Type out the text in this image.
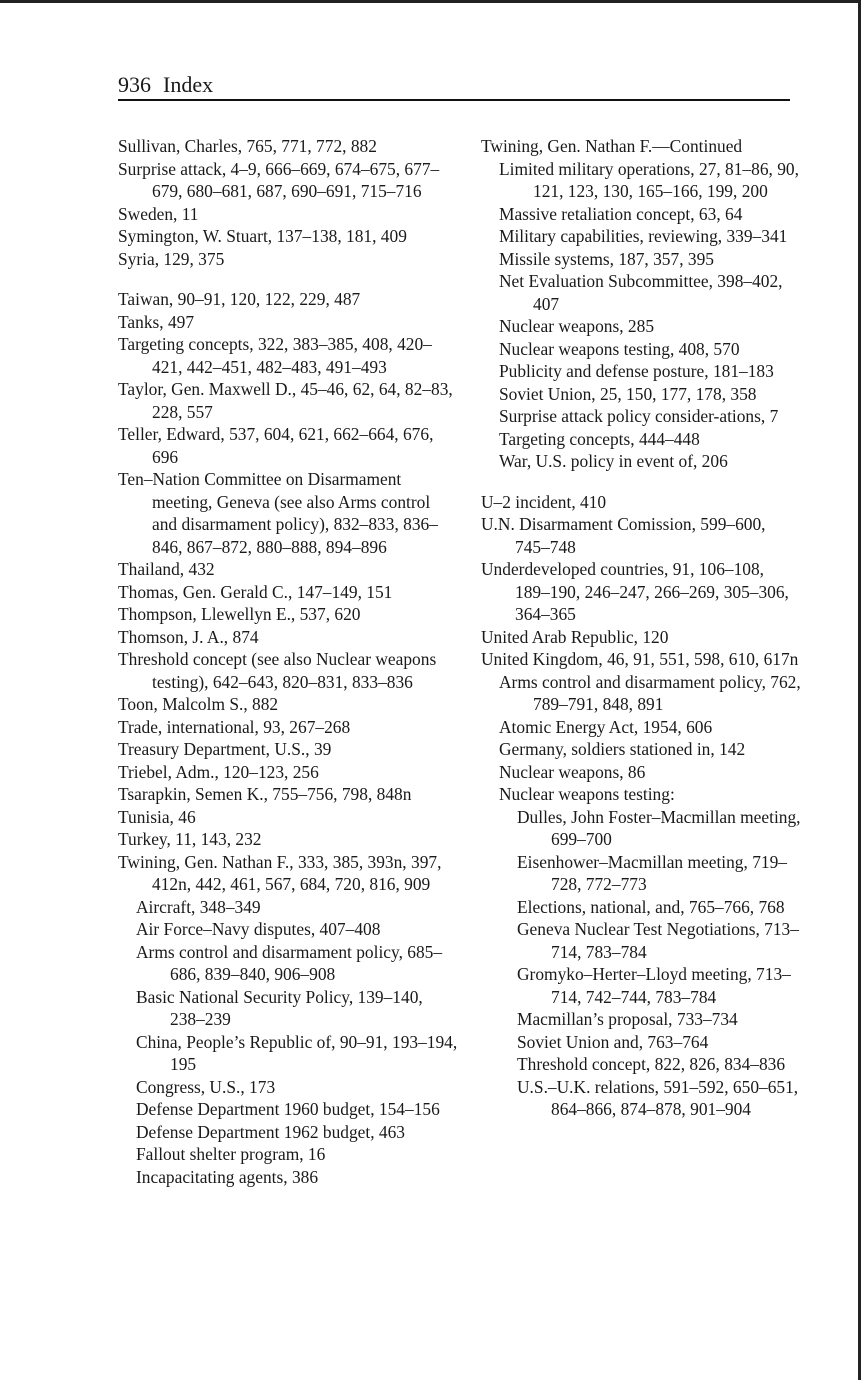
936 Index
Sullivan, Charles, 765, 771, 772, 882
Surprise attack, 4–9, 666–669, 674–675, 677–679, 680–681, 687, 690–691, 715–716
Sweden, 11
Symington, W. Stuart, 137–138, 181, 409
Syria, 129, 375
Taiwan, 90–91, 120, 122, 229, 487
Tanks, 497
Targeting concepts, 322, 383–385, 408, 420–421, 442–451, 482–483, 491–493
Taylor, Gen. Maxwell D., 45–46, 62, 64, 82–83, 228, 557
Teller, Edward, 537, 604, 621, 662–664, 676, 696
Ten–Nation Committee on Disarmament meeting, Geneva (see also Arms control and disarmament policy), 832–833, 836–846, 867–872, 880–888, 894–896
Thailand, 432
Thomas, Gen. Gerald C., 147–149, 151
Thompson, Llewellyn E., 537, 620
Thomson, J. A., 874
Threshold concept (see also Nuclear weapons testing), 642–643, 820–831, 833–836
Toon, Malcolm S., 882
Trade, international, 93, 267–268
Treasury Department, U.S., 39
Triebel, Adm., 120–123, 256
Tsarapkin, Semen K., 755–756, 798, 848n
Tunisia, 46
Turkey, 11, 143, 232
Twining, Gen. Nathan F., 333, 385, 393n, 397, 412n, 442, 461, 567, 684, 720, 816, 909
Aircraft, 348–349
Air Force–Navy disputes, 407–408
Arms control and disarmament policy, 685–686, 839–840, 906–908
Basic National Security Policy, 139–140, 238–239
China, People’s Republic of, 90–91, 193–194, 195
Congress, U.S., 173
Defense Department 1960 budget, 154–156
Defense Department 1962 budget, 463
Fallout shelter program, 16
Incapacitating agents, 386
Twining, Gen. Nathan F.—Continued
Limited military operations, 27, 81–86, 90, 121, 123, 130, 165–166, 199, 200
Massive retaliation concept, 63, 64
Military capabilities, reviewing, 339–341
Missile systems, 187, 357, 395
Net Evaluation Subcommittee, 398–402, 407
Nuclear weapons, 285
Nuclear weapons testing, 408, 570
Publicity and defense posture, 181–183
Soviet Union, 25, 150, 177, 178, 358
Surprise attack policy consider-ations, 7
Targeting concepts, 444–448
War, U.S. policy in event of, 206
U–2 incident, 410
U.N. Disarmament Comission, 599–600, 745–748
Underdeveloped countries, 91, 106–108, 189–190, 246–247, 266–269, 305–306, 364–365
United Arab Republic, 120
United Kingdom, 46, 91, 551, 598, 610, 617n
Arms control and disarmament policy, 762, 789–791, 848, 891
Atomic Energy Act, 1954, 606
Germany, soldiers stationed in, 142
Nuclear weapons, 86
Nuclear weapons testing:
Dulles, John Foster–Macmillan meeting, 699–700
Eisenhower–Macmillan meeting, 719–728, 772–773
Elections, national, and, 765–766, 768
Geneva Nuclear Test Negotiations, 713–714, 783–784
Gromyko–Herter–Lloyd meeting, 713–714, 742–744, 783–784
Macmillan’s proposal, 733–734
Soviet Union and, 763–764
Threshold concept, 822, 826, 834–836
U.S.–U.K. relations, 591–592, 650–651, 864–866, 874–878, 901–904
